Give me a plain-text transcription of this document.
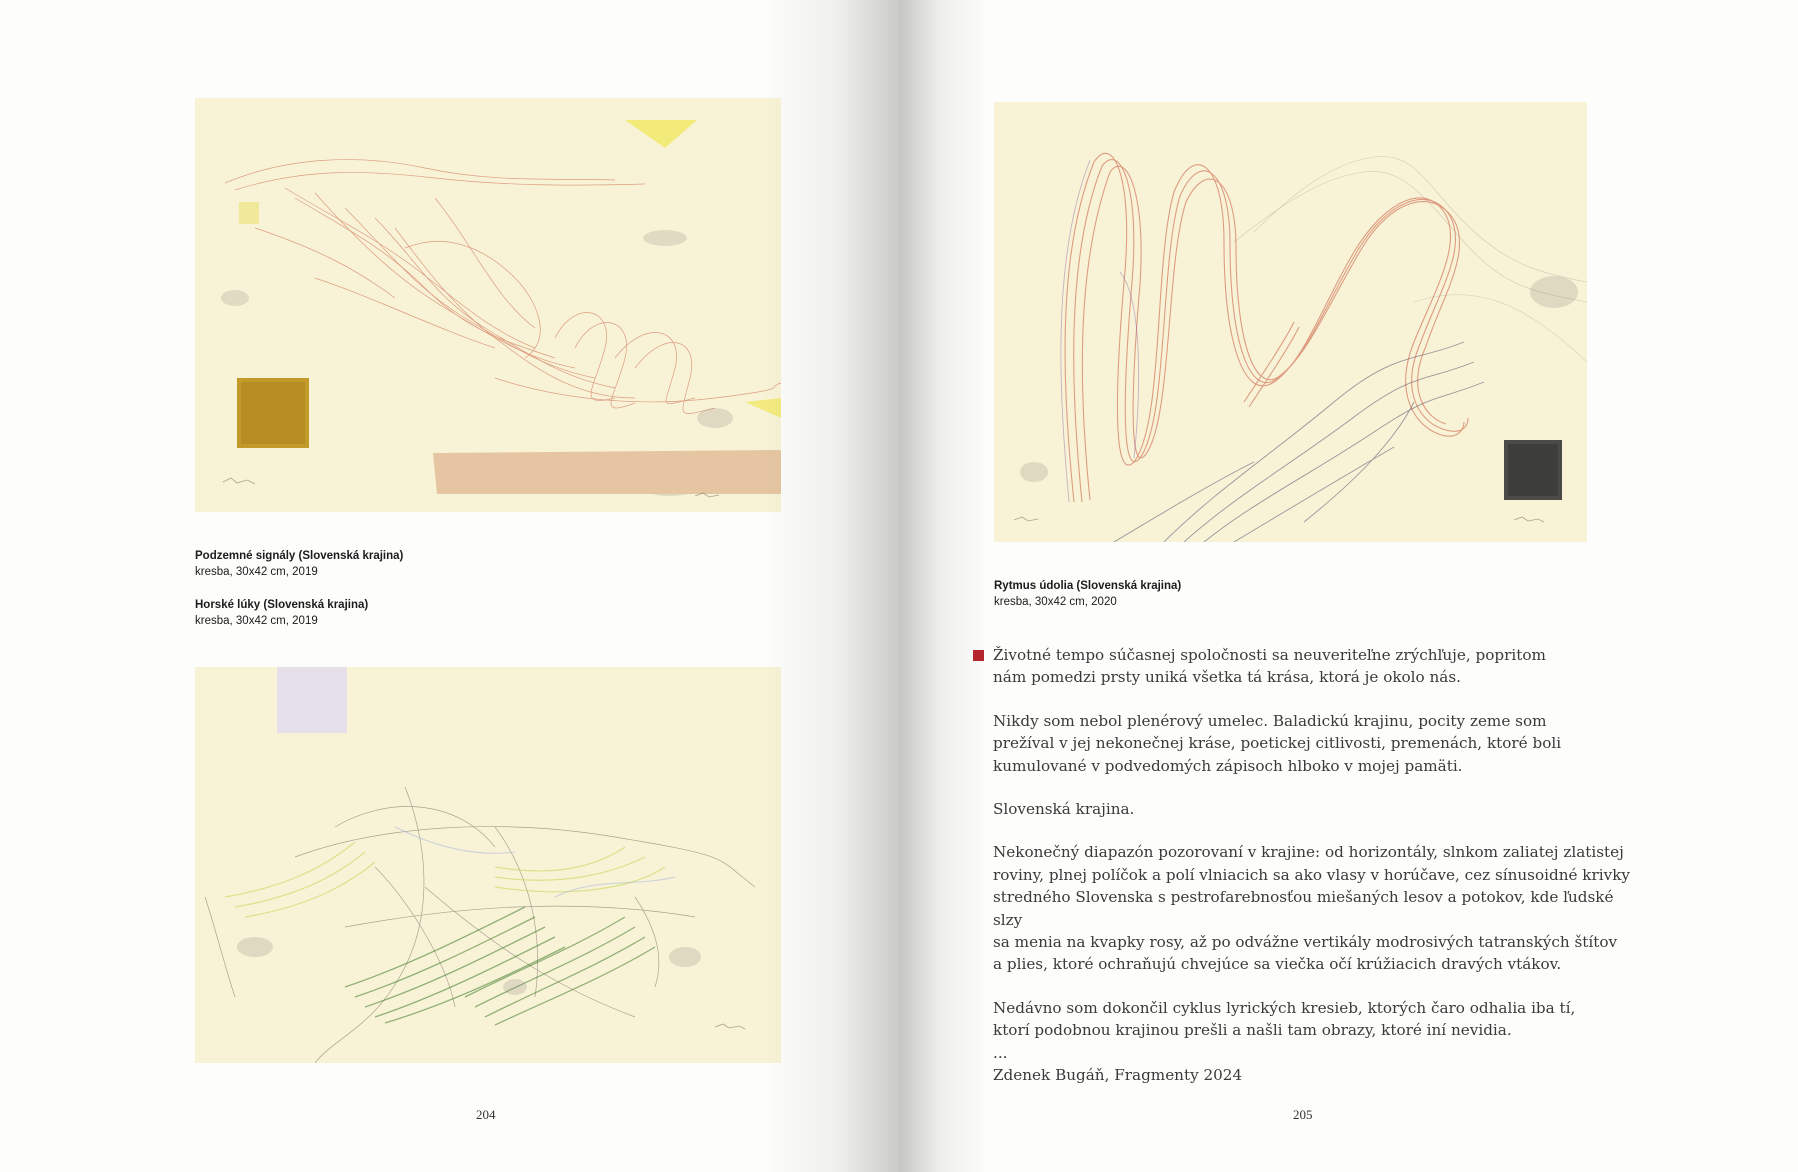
Podzemné signály (Slovenská krajina)
kresba, 30x42 cm, 2019
Horské lúky (Slovenská krajina)
kresba, 30x42 cm, 2019
204
Rytmus údolia (Slovenská krajina)
kresba, 30x42 cm, 2020
205

Životné tempo súčasnej spoločnosti sa neuveriteľne zrýchľuje, popritom
nám pomedzi prsty uniká všetka tá krása, ktorá je okolo nás.

Nikdy som nebol plenérový umelec. Baladickú krajinu, pocity zeme som
prežíval v jej nekonečnej kráse, poetickej citlivosti, premenách, ktoré boli
kumulované v podvedomých zápisoch hlboko v mojej pamäti.

Slovenská krajina.

Nekonečný diapazón pozorovaní v krajine: od horizontály, slnkom zaliatej zlatistej
roviny, plnej políčok a polí vlniacich sa ako vlasy v horúčave, cez sínusoidné krivky
stredného Slovenska s pestrofarebnosťou miešaných lesov a potokov, kde ľudské slzy
sa menia na kvapky rosy, až po odvážne vertikály modrosivých tatranských štítov
a plies, ktoré ochraňujú chvejúce sa viečka očí krúžiacich dravých vtákov.

Nedávno som dokončil cyklus lyrických kresieb, ktorých čaro odhalia iba tí,
ktorí podobnou krajinou prešli a našli tam obrazy, ktoré iní nevidia.
...
Zdenek Bugáň, Fragmenty 2024
